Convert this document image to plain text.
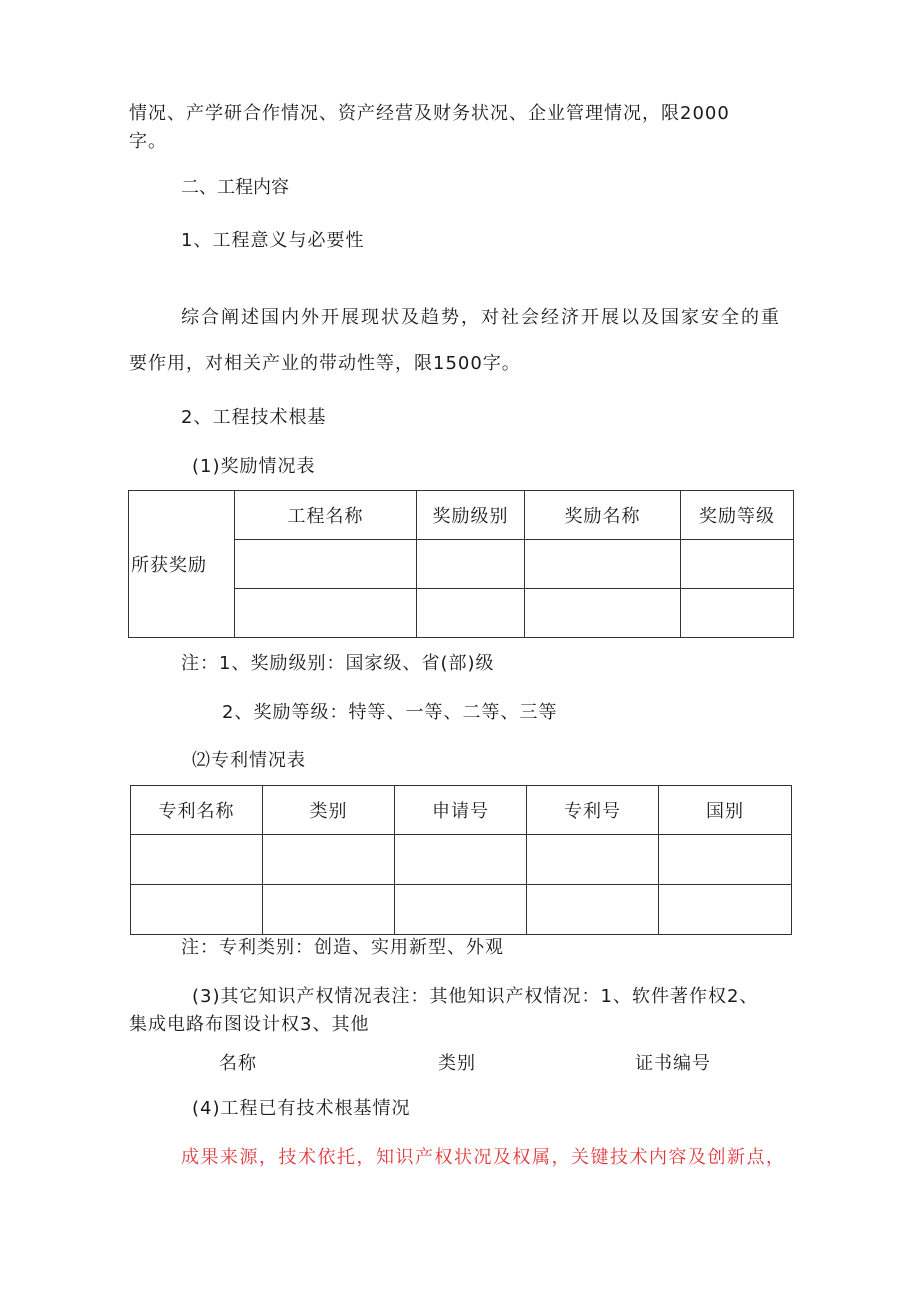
情况、产学研合作情况、资产经营及财务状况、企业管理情况，限2000
字。
二、工程内容
1、工程意义与必要性
综合阐述国内外开展现状及趋势，对社会经济开展以及国家安全的重
要作用，对相关产业的带动性等，限1500字。
2、工程技术根基
(1)奖励情况表
所获奖励	工程名称	奖励级别	奖励名称	奖励等级

注：1、奖励级别：国家级、省(部)级
2、奖励等级：特等、一等、二等、三等
⑵专利情况表
专利名称	类别	申请号	专利号	国别

注：专利类别：创造、实用新型、外观
(3)其它知识产权情况表注：其他知识产权情况：1、软件著作权2、
集成电路布图设计权3、其他
名称	类别	证书编号
(4)工程已有技术根基情况
成果来源，技术依托，知识产权状况及权属，关键技术内容及创新点，
